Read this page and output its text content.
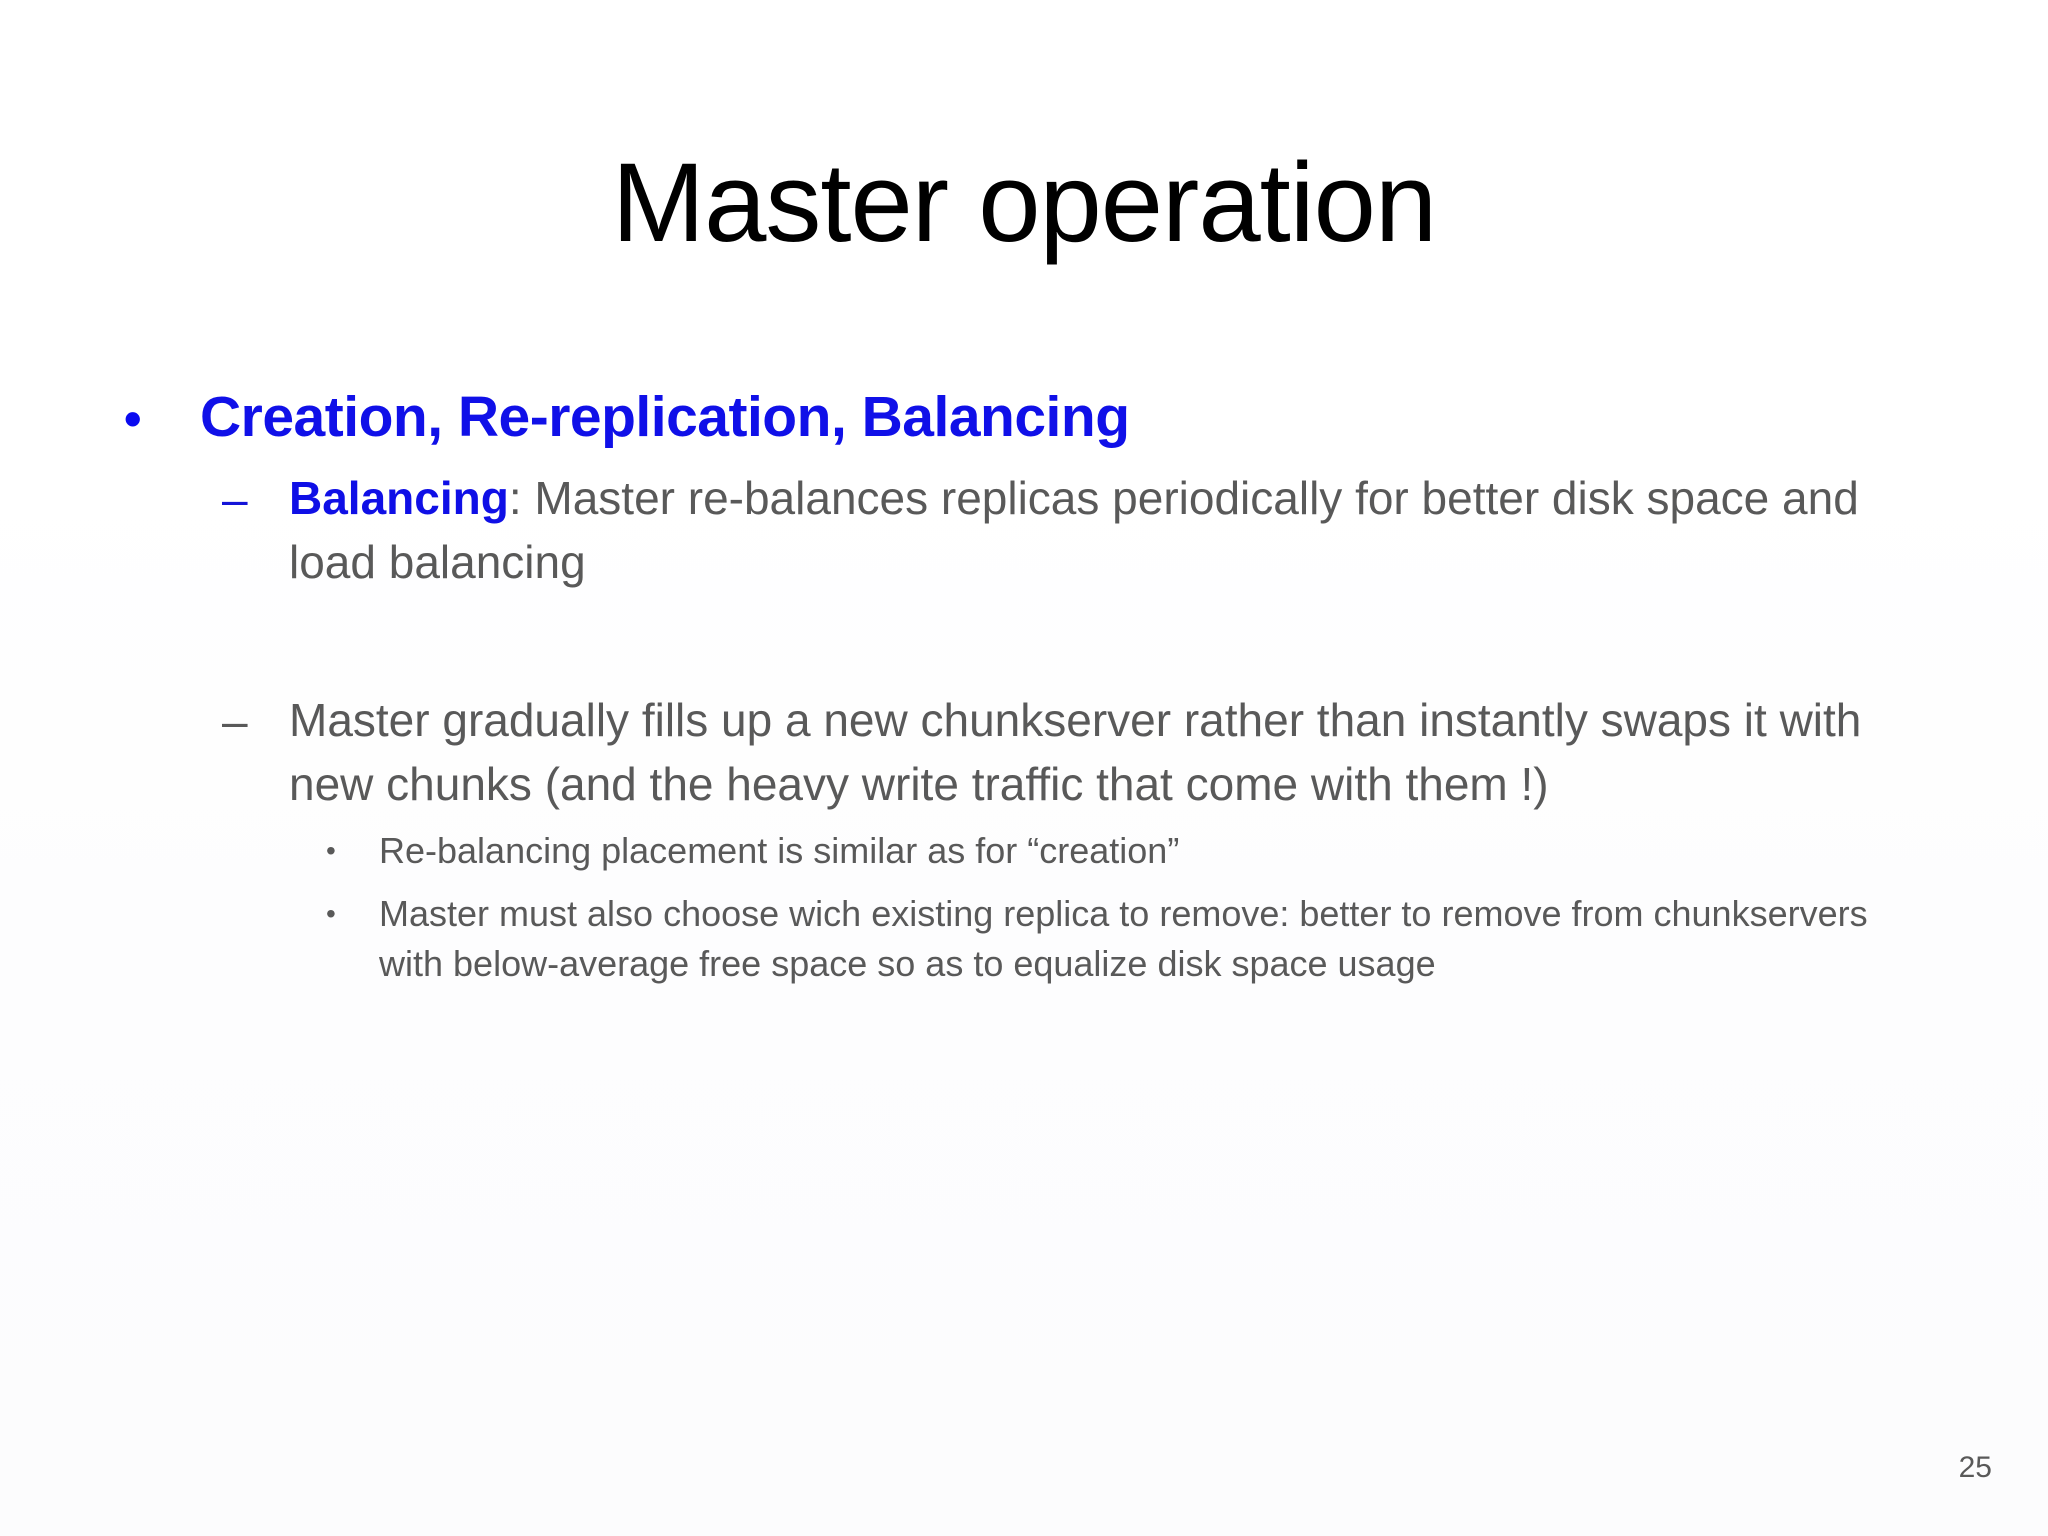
Master operation
• Creation, Re-replication, Balancing
– Balancing: Master re-balances replicas periodically for better disk space and load balancing
– Master gradually fills up a new chunkserver rather than instantly swaps it with new chunks (and the heavy write traffic that come with them !)
• Re-balancing placement is similar as for “creation”
• Master must also choose wich existing replica to remove: better to remove from chunkservers with below-average free space so as to equalize disk space usage
25
